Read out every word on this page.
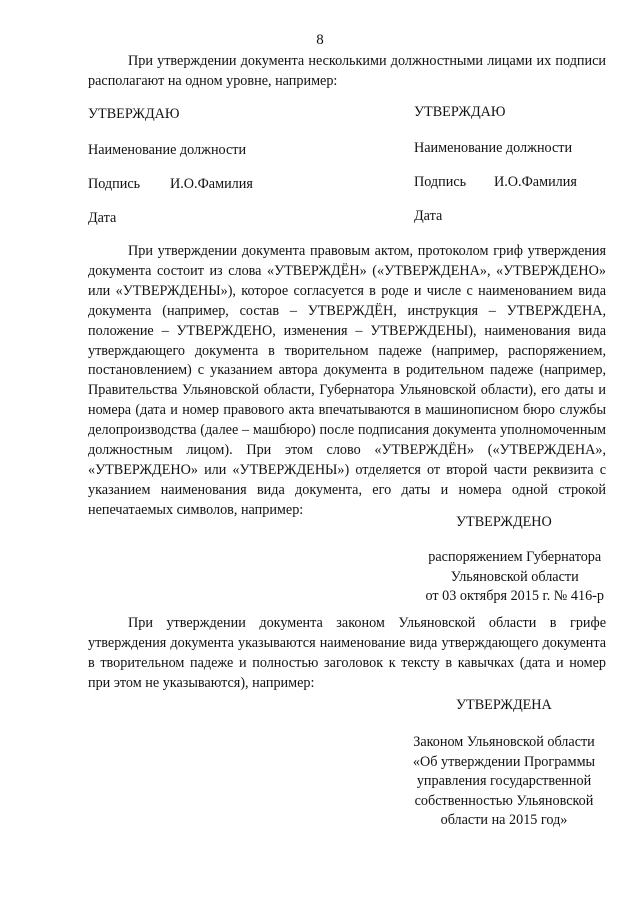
8
При утверждении документа несколькими должностными лицами их подписи располагают на одном уровне, например:
УТВЕРЖДАЮ
Наименование должности
Подпись И.О.Фамилия
Дата
УТВЕРЖДАЮ
Наименование должности
Подпись И.О.Фамилия
Дата
При утверждении документа правовым актом, протоколом гриф утверждения документа состоит из слова «УТВЕРЖДЁН» («УТВЕРЖДЕНА», «УТВЕРЖДЕНО» или «УТВЕРЖДЕНЫ»), которое согласуется в роде и числе с наименованием вида документа (например, состав – УТВЕРЖДЁН, инструкция – УТВЕРЖДЕНА, положение – УТВЕРЖДЕНО, изменения – УТВЕРЖДЕНЫ), наименования вида утверждающего документа в творительном падеже (например, распоряжением, постановлением) с указанием автора документа в родительном падеже (например, Правительства Ульяновской области, Губернатора Ульяновской области), его даты и номера (дата и номер правового акта впечатываются в машинописном бюро службы делопроизводства (далее – машбюро) после подписания документа уполномоченным должностным лицом). При этом слово «УТВЕРЖДЁН» («УТВЕРЖДЕНА», «УТВЕРЖДЕНО» или «УТВЕРЖДЕНЫ») отделяется от второй части реквизита с указанием наименования вида документа, его даты и номера одной строкой непечатаемых символов, например:
УТВЕРЖДЕНО
распоряжением Губернатора
Ульяновской области
от 03 октября 2015 г. № 416-р
При утверждении документа законом Ульяновской области в грифе утверждения документа указываются наименование вида утверждающего документа в творительном падеже и полностью заголовок к тексту в кавычках (дата и номер при этом не указываются), например:
УТВЕРЖДЕНА
Законом Ульяновской области
«Об утверждении Программы
управления государственной
собственностью Ульяновской
области на 2015 год»
